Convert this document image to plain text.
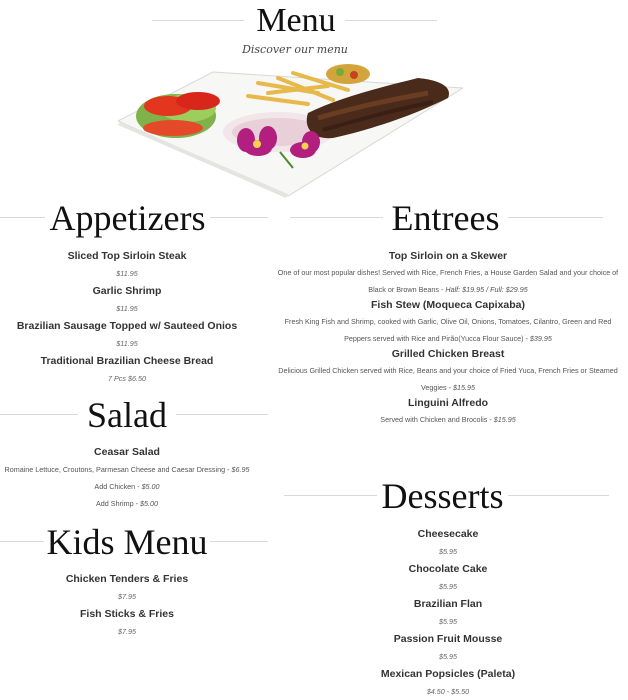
Menu
Discover our menu
Appetizers
Sliced Top Sirloin Steak
$11.95
Garlic Shrimp
$11.95
Brazilian Sausage Topped w/ Sauteed Onios
$11.95
Traditional Brazilian Cheese Bread
7 Pcs $6.50
Salad
Ceasar Salad
Romaine Lettuce, Croutons, Parmesan Cheese and Caesar Dressing - $6.95
Add Chicken - $5.00
Add Shrimp - $5.00
Kids Menu
Chicken Tenders & Fries
$7.95
Fish Sticks & Fries
$7.95
Entrees
Top Sirloin on a Skewer
One of our most popular dishes! Served with Rice, French Fries, a House Garden Salad and your choice of
Black or Brown Beans - Half: $19.95 / Full: $29.95
Fish Stew (Moqueca Capixaba)
Fresh King Fish and Shrimp, cooked with Garlic, Olive Oil, Onions, Tomatoes, Cilantro, Green and Red
Peppers served with Rice and Pirão(Yucca Flour Sauce) - $39.95
Grilled Chicken Breast
Delicious Grilled Chicken served with Rice, Beans and your choice of Fried Yuca, French Fries or Steamed
Veggies - $15.95
Linguini Alfredo
Served with Chicken and Brocolis - $15.95
Desserts
Cheesecake
$5.95
Chocolate Cake
$5.95
Brazilian Flan
$5.95
Passion Fruit Mousse
$5.95
Mexican Popsicles (Paleta)
$4.50 - $5.50
